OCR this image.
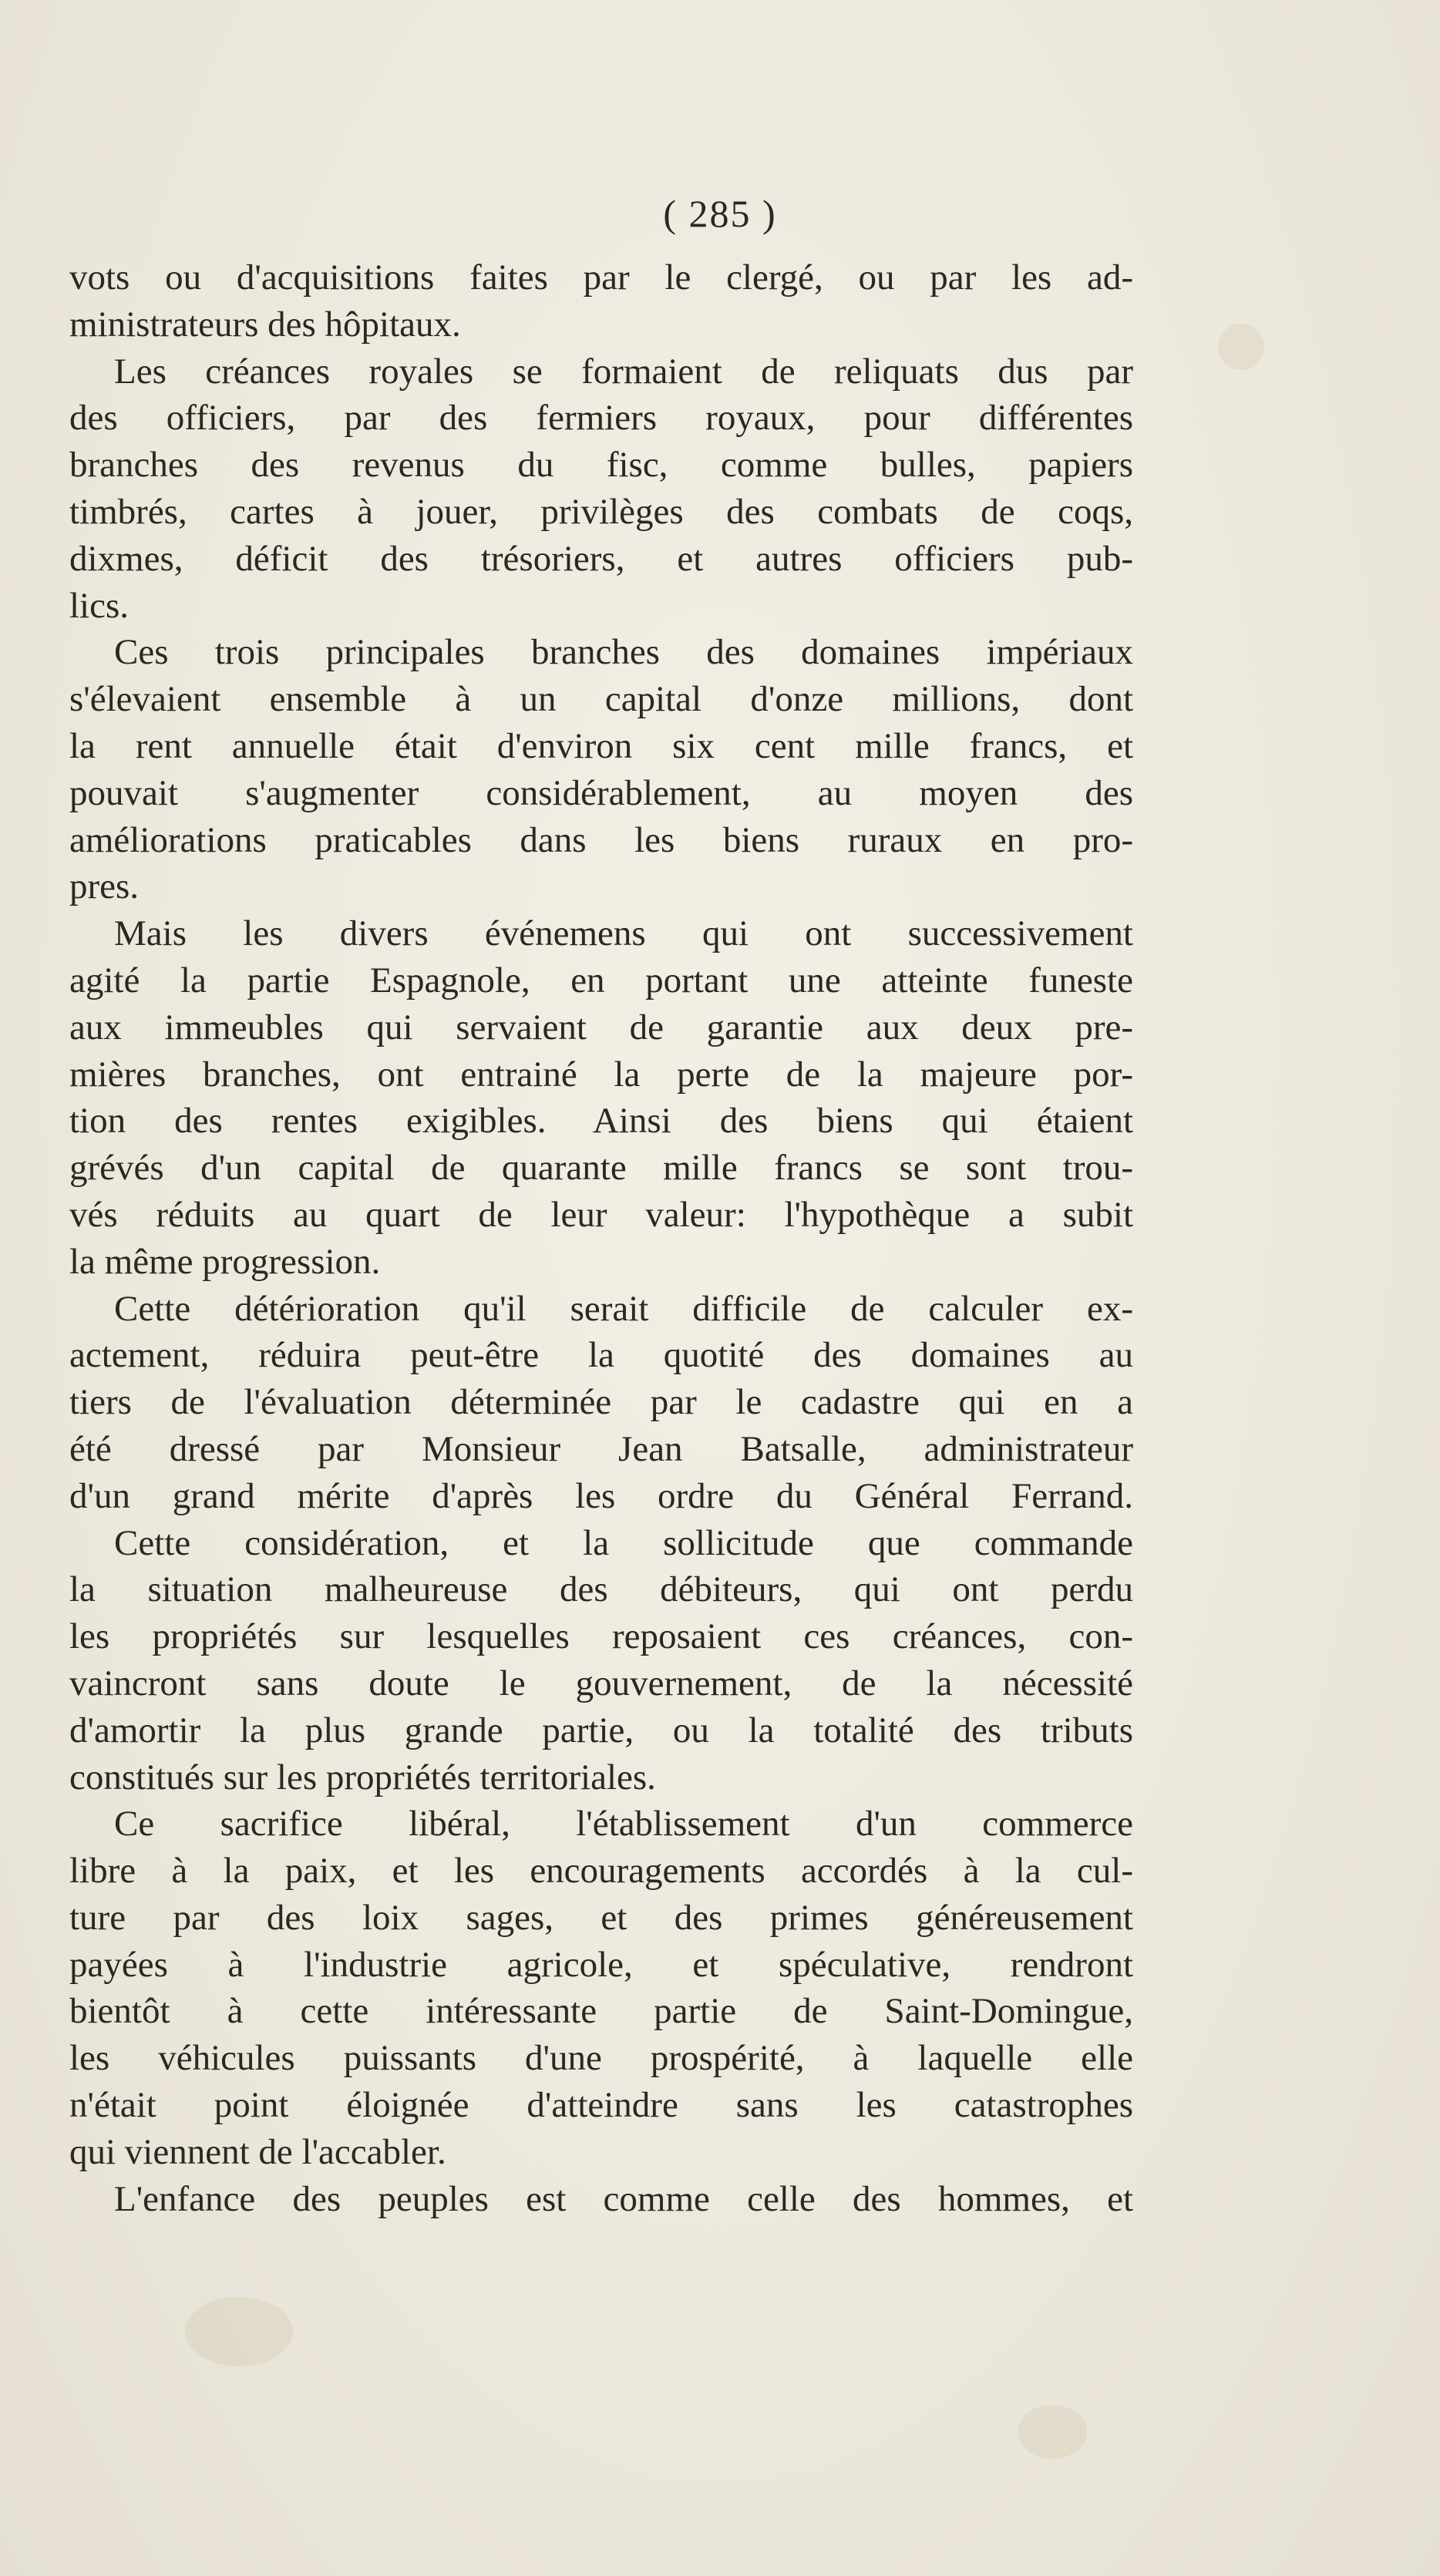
( 285 )
vots ou d'acquisitions faites par le clergé, ou par les ad-
ministrateurs des hôpitaux.
Les créances royales se formaient de reliquats dus par
des officiers, par des fermiers royaux, pour différentes
branches des revenus du fisc, comme bulles, papiers
timbrés, cartes à jouer, privilèges des combats de coqs,
dixmes, déficit des trésoriers, et autres officiers pub-
lics.
Ces trois principales branches des domaines impériaux
s'élevaient ensemble à un capital d'onze millions, dont
la rent annuelle était d'environ six cent mille francs, et
pouvait s'augmenter considérablement, au moyen des
améliorations praticables dans les biens ruraux en pro-
pres.
Mais les divers événemens qui ont successivement
agité la partie Espagnole, en portant une atteinte funeste
aux immeubles qui servaient de garantie aux deux pre-
mières branches, ont entrainé la perte de la majeure por-
tion des rentes exigibles. Ainsi des biens qui étaient
grévés d'un capital de quarante mille francs se sont trou-
vés réduits au quart de leur valeur: l'hypothèque a subit
la même progression.
Cette détérioration qu'il serait difficile de calculer ex-
actement, réduira peut-être la quotité des domaines au
tiers de l'évaluation déterminée par le cadastre qui en a
été dressé par Monsieur Jean Batsalle, administrateur
d'un grand mérite d'après les ordre du Général Ferrand.
Cette considération, et la sollicitude que commande
la situation malheureuse des débiteurs, qui ont perdu
les propriétés sur lesquelles reposaient ces créances, con-
vaincront sans doute le gouvernement, de la nécessité
d'amortir la plus grande partie, ou la totalité des tributs
constitués sur les propriétés territoriales.
Ce sacrifice libéral, l'établissement d'un commerce
libre à la paix, et les encouragements accordés à la cul-
ture par des loix sages, et des primes généreusement
payées à l'industrie agricole, et spéculative, rendront
bientôt à cette intéressante partie de Saint-Domingue,
les véhicules puissants d'une prospérité, à laquelle elle
n'était point éloignée d'atteindre sans les catastrophes
qui viennent de l'accabler.
L'enfance des peuples est comme celle des hommes, et
